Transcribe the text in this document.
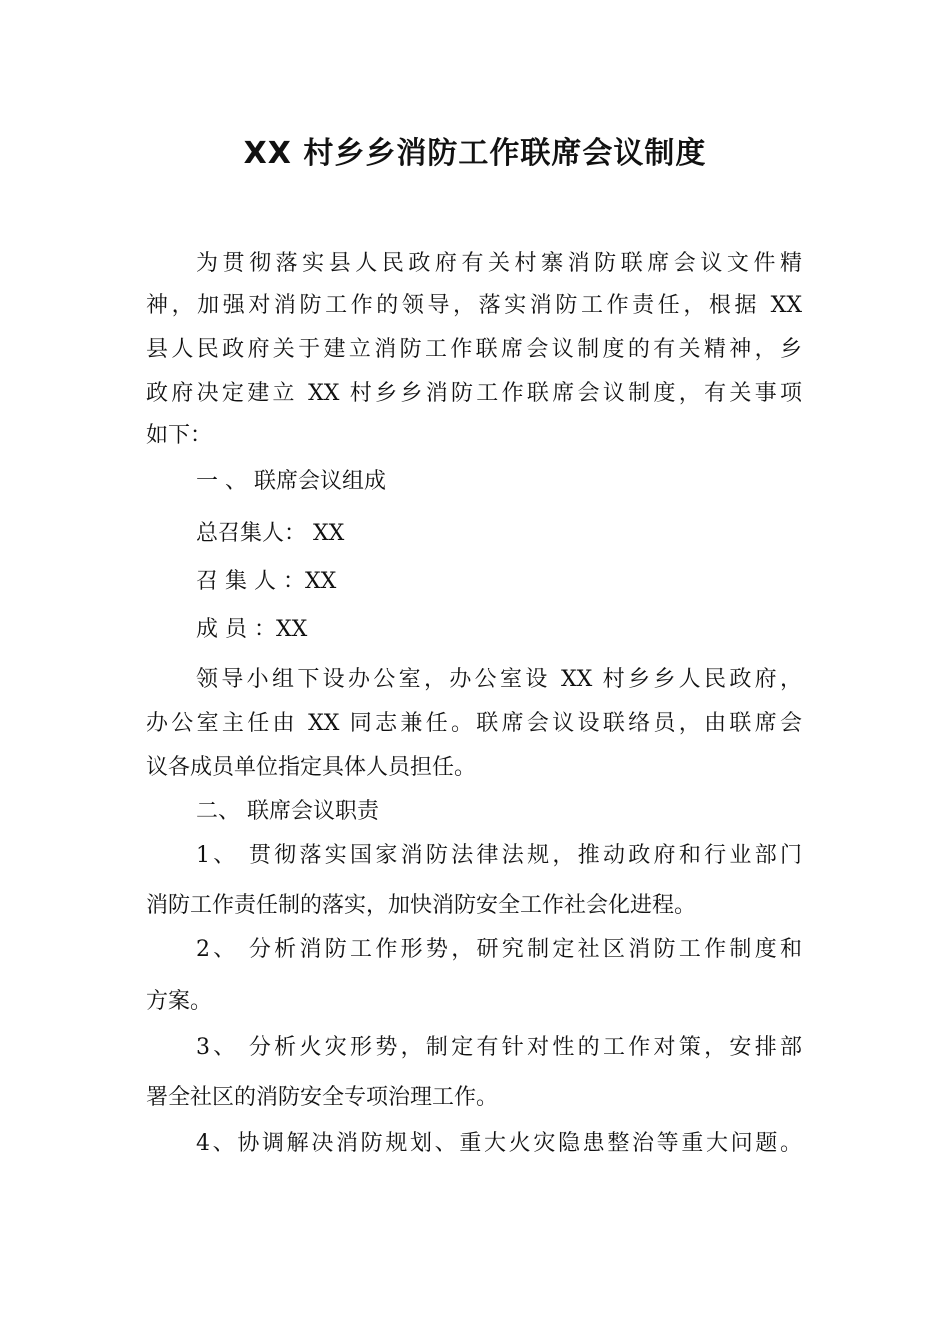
XX 村乡乡消防工作联席会议制度
为贯彻落实县人民政府有关村寨消防联席会议文件精
神，加强对消防工作的领导，落实消防工作责任，根据 XX
县人民政府关于建立消防工作联席会议制度的有关精神，乡
政府决定建立 XX 村乡乡消防工作联席会议制度，有关事项
如下：
一 、 联席会议组成
总召集人： XX
召 集 人 ：XX
成 员 ：XX
领导小组下设办公室，办公室设 XX 村乡乡人民政府，
办公室主任由 XX 同志兼任。联席会议设联络员，由联席会
议各成员单位指定具体人员担任。
二、 联席会议职责
1、 贯彻落实国家消防法律法规，推动政府和行业部门
消防工作责任制的落实，加快消防安全工作社会化进程。
2、 分析消防工作形势，研究制定社区消防工作制度和
方案。
3、 分析火灾形势，制定有针对性的工作对策，安排部
署全社区的消防安全专项治理工作。
4、协调解决消防规划、重大火灾隐患整治等重大问题。
